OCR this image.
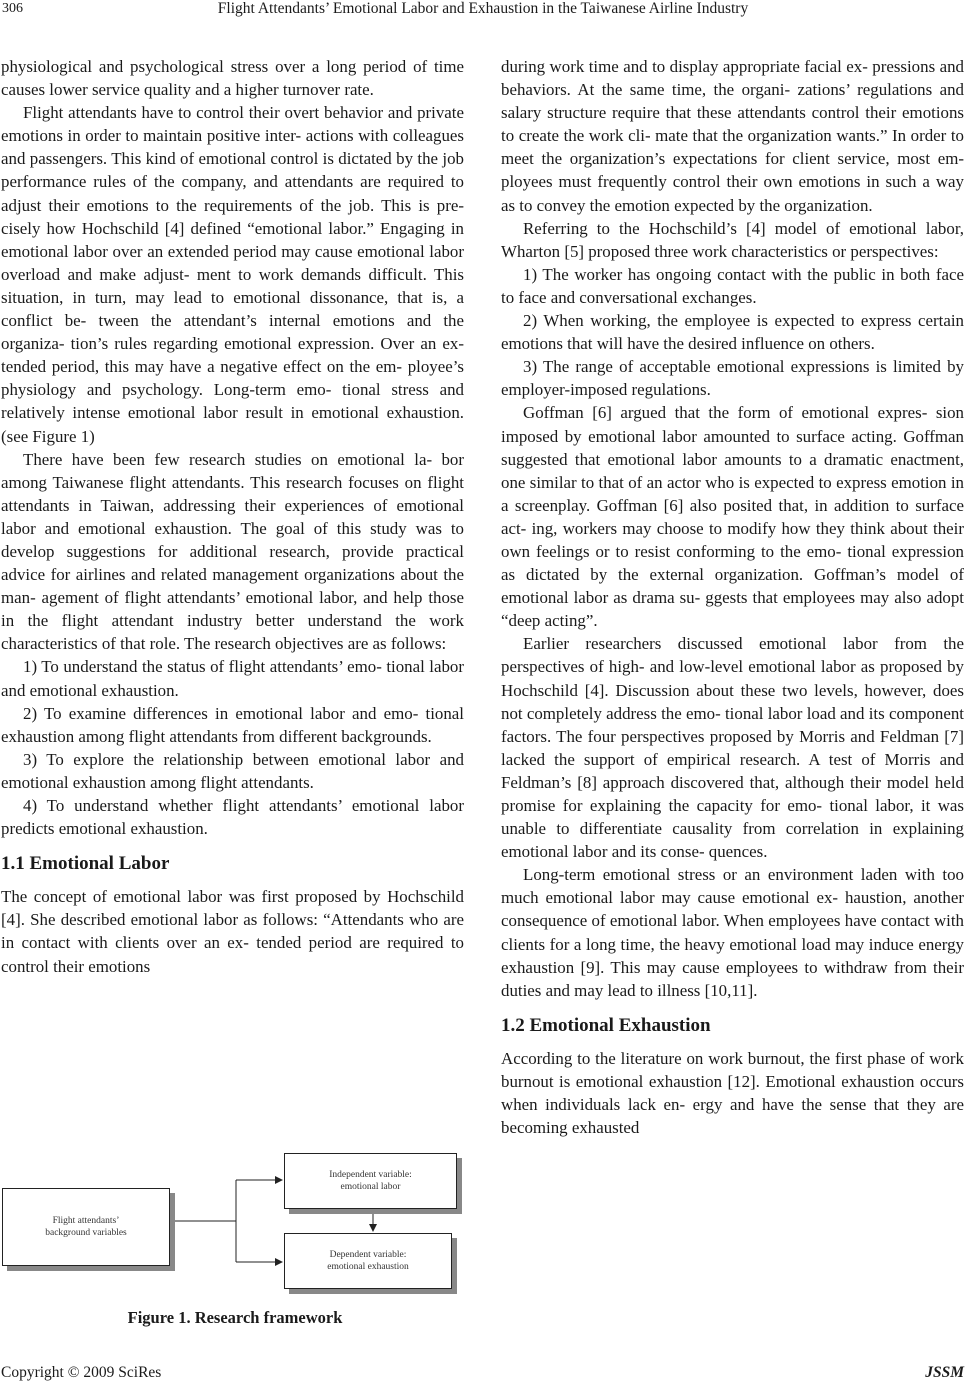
306	Flight Attendants’ Emotional Labor and Exhaustion in the Taiwanese Airline Industry

physiological and psychological stress over a long period of time causes lower service quality and a higher turnover rate.

Flight attendants have to control their overt behavior and private emotions in order to maintain positive inter- actions with colleagues and passengers. This kind of emotional control is dictated by the job performance rules of the company, and attendants are required to adjust their emotions to the requirements of the job. This is pre- cisely how Hochschild [4] defined “emotional labor.” Engaging in emotional labor over an extended period may cause emotional labor overload and make adjust- ment to work demands difficult. This situation, in turn, may lead to emotional dissonance, that is, a conflict be- tween the attendant’s internal emotions and the organiza- tion’s rules regarding emotional expression. Over an ex- tended period, this may have a negative effect on the em- ployee’s physiology and psychology. Long-term emo- tional stress and relatively intense emotional labor result in emotional exhaustion. (see Figure 1)

There have been few research studies on emotional la- bor among Taiwanese flight attendants. This research focuses on flight attendants in Taiwan, addressing their experiences of emotional labor and emotional exhaustion. The goal of this study was to develop suggestions for additional research, provide practical advice for airlines and related management organizations about the man- agement of flight attendants’ emotional labor, and help those in the flight attendant industry better understand the work characteristics of that role. The research objectives are as follows:

1) To understand the status of flight attendants’ emo- tional labor and emotional exhaustion.

2) To examine differences in emotional labor and emo- tional exhaustion among flight attendants from different backgrounds.

3) To explore the relationship between emotional labor and emotional exhaustion among flight attendants.

4) To understand whether flight attendants’ emotional labor predicts emotional exhaustion.

1.1 Emotional Labor

The concept of emotional labor was first proposed by Hochschild [4]. She described emotional labor as follows: “Attendants who are in contact with clients over an ex- tended period are required to control their emotions

during work time and to display appropriate facial ex- pressions and behaviors. At the same time, the organi- zations’ regulations and salary structure require that these attendants control their emotions to create the work cli- mate that the organization wants.” In order to meet the organization’s expectations for client service, most em- ployees must frequently control their own emotions in such a way as to convey the emotion expected by the organization.

Referring to the Hochschild’s [4] model of emotional labor, Wharton [5] proposed three work characteristics or perspectives:

1) The worker has ongoing contact with the public in both face to face and conversational exchanges.

2) When working, the employee is expected to express certain emotions that will have the desired influence on others.

3) The range of acceptable emotional expressions is limited by employer-imposed regulations.

Goffman [6] argued that the form of emotional expres- sion imposed by emotional labor amounted to surface acting. Goffman suggested that emotional labor amounts to a dramatic enactment, one similar to that of an actor who is expected to express emotion in a screenplay. Goffman [6] also posited that, in addition to surface act- ing, workers may choose to modify how they think about their own feelings or to resist conforming to the emo- tional expression as dictated by the external organization. Goffman’s model of emotional labor as drama su- ggests that employees may also adopt “deep acting”.

Earlier researchers discussed emotional labor from the perspectives of high- and low-level emotional labor as proposed by Hochschild [4]. Discussion about these two levels, however, does not completely address the emo- tional labor load and its component factors. The four perspectives proposed by Morris and Feldman [7] lacked the support of empirical research. A test of Morris and Feldman’s [8] approach discovered that, although their model held promise for explaining the capacity for emo- tional labor, it was unable to differentiate causality from correlation in explaining emotional labor and its conse- quences.

Long-term emotional stress or an environment laden with too much emotional labor may cause emotional ex- haustion, another consequence of emotional labor. When employees have contact with clients for a long time, the heavy emotional load may induce energy exhaustion [9]. This may cause employees to withdraw from their duties and may lead to illness [10,11].

1.2 Emotional Exhaustion

According to the literature on work burnout, the first phase of work burnout is emotional exhaustion [12]. Emotional exhaustion occurs when individuals lack en- ergy and have the sense that they are becoming exhausted

Flight attendants’
background variables
Independent variable:
emotional labor
Dependent variable:
emotional exhaustion
Figure 1. Research framework
Copyright © 2009 SciRes	JSSM
